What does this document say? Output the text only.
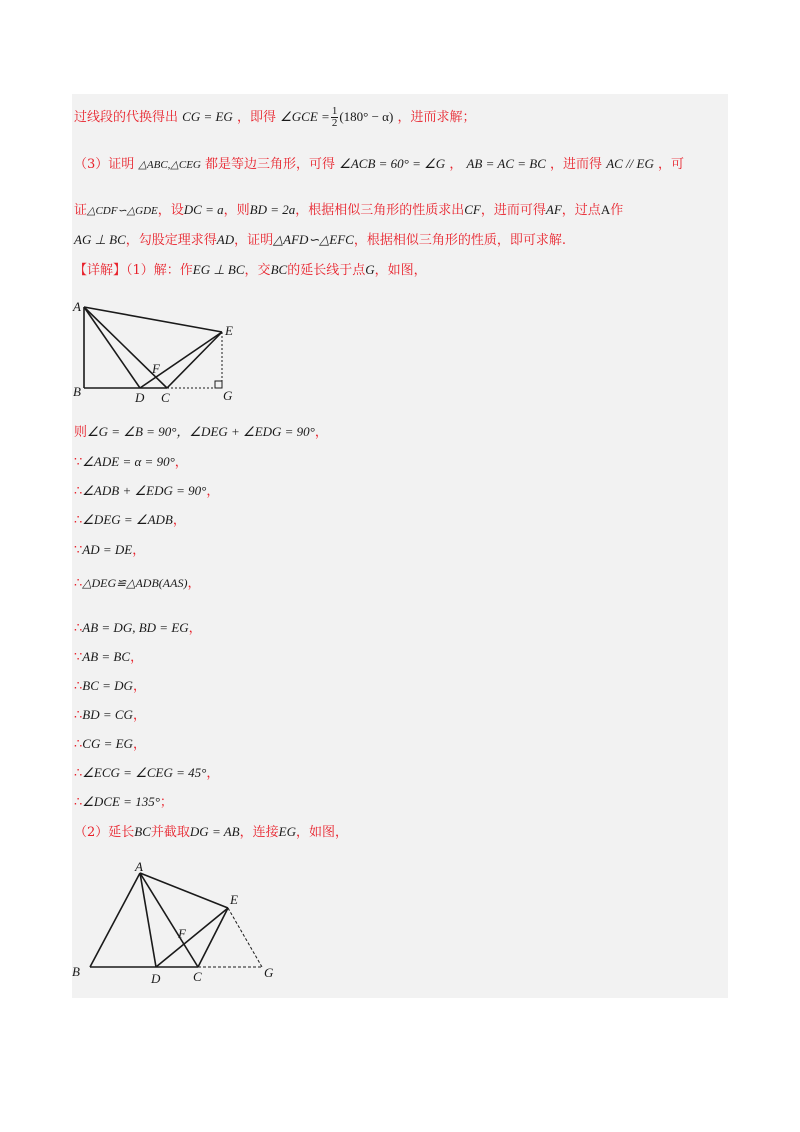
过线段的代换得出 CG = EG ，即得 ∠GCE = $\frac{1}{2} (180^\circ - \alpha)$ ，进而求解；
（3）证明 △ABC,△CEG 都是等边三角形，可得 ∠ACB = 60° = ∠G ， AB = AC = BC ，进而得 AC // EG ，可
证△CDF∽△GDE，设DC = a，则BD = 2a，根据相似三角形的性质求出CF，进而可得AF，过点A作
AG ⊥ BC，勾股定理求得AD，证明△AFD∽△EFC，根据相似三角形的性质，即可求解.
【详解】（1）解：作EG ⊥ BC，交BC的延长线于点G，如图，
A
B	D C	G
E
F
则∠G = ∠B = 90°，∠DEG + ∠EDG = 90°，
∵∠ADE = α = 90°，
∴∠ADB + ∠EDG = 90°，
∴∠DEG = ∠ADB，
∵AD = DE，
∴△DEG≌△ADB(AAS)，
∴AB = DG, BD = EG，
∵AB = BC，
∴BC = DG，
∴BD = CG，
∴CG = EG，
∴∠ECG = ∠CEG = 45°，
∴∠DCE = 135°；
（2）延长BC并截取DG = AB，连接EG，如图，
A
B	D	C	G
E
F
